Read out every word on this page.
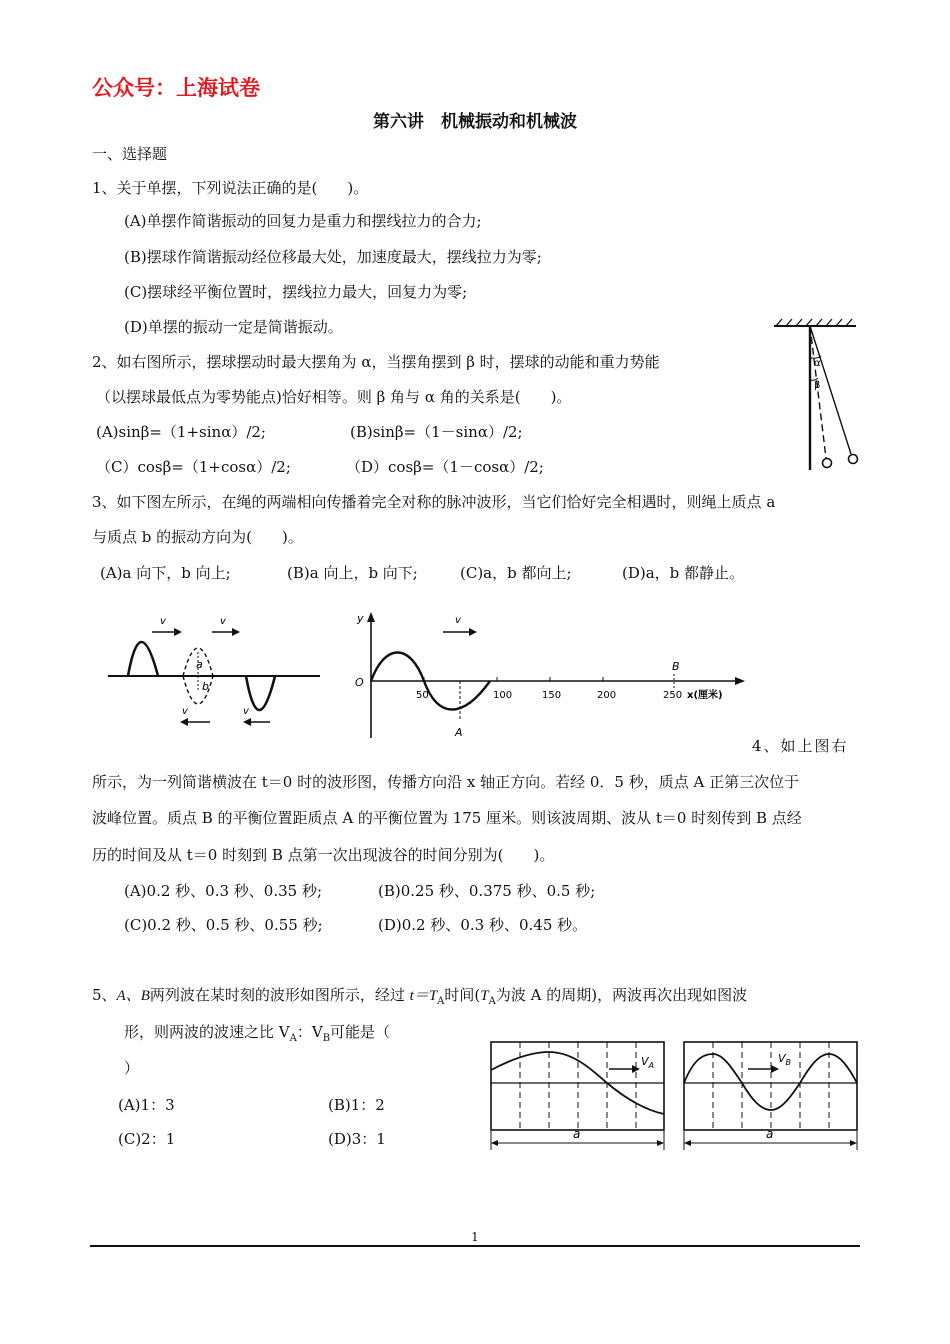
公众号：上海试卷
第六讲　机械振动和机械波
一、选择题
1、关于单摆，下列说法正确的是(　　)。
(A)单摆作简谐振动的回复力是重力和摆线拉力的合力;
(B)摆球作简谐振动经位移最大处，加速度最大，摆线拉力为零;
(C)摆球经平衡位置时，摆线拉力最大，回复力为零;
(D)单摆的振动一定是简谐振动。
2、如右图所示，摆球摆动时最大摆角为 α，当摆角摆到 β 时，摆球的动能和重力势能
（以摆球最低点为零势能点)恰好相等。则 β 角与 α 角的关系是(　　)。
(A)sinβ=（1+sinα）/2;	(B)sinβ=（1－sinα）/2;
（C）cosβ=（1+cosα）/2;	（D）cosβ=（1－cosα）/2;
α
β
3、如下图左所示，在绳的两端相向传播着完全对称的脉冲波形，当它们恰好完全相遇时，则绳上质点 a
与质点 b 的振动方向为(　　)。
(A)a 向下，b 向上;	(B)a 向上，b 向下;	(C)a，b 都向上;	(D)a，b 都静止。
a
b
v	v
v	v
y
O
A
B
v
50	100	150	200	250 x(厘米)
4、如上图右
所示，为一列简谐横波在 t＝0 时的波形图，传播方向沿 x 轴正方向。若经 0．5 秒，质点 A 正第三次位于
波峰位置。质点 B 的平衡位置距质点 A 的平衡位置为 175 厘米。则该波周期、波从 t＝0 时刻传到 B 点经
历的时间及从 t＝0 时刻到 B 点第一次出现波谷的时间分别为(　　)。
(A)0.2 秒、0.3 秒、0.35 秒;	(B)0.25 秒、0.375 秒、0.5 秒;
(C)0.2 秒、0.5 秒、0.55 秒;	(D)0.2 秒、0.3 秒、0.45 秒。
5、A、B两列波在某时刻的波形如图所示，经过 $t=T_A$时间($T_A$为波 A 的周期)，两波再次出现如图波
形，则两波的波速之比 $V_A$：$V_B$可能是（
）
(A)1：3	(B)1：2
(C)2：1	(D)3：1
$V_A$
a
$V_B$
a
1
